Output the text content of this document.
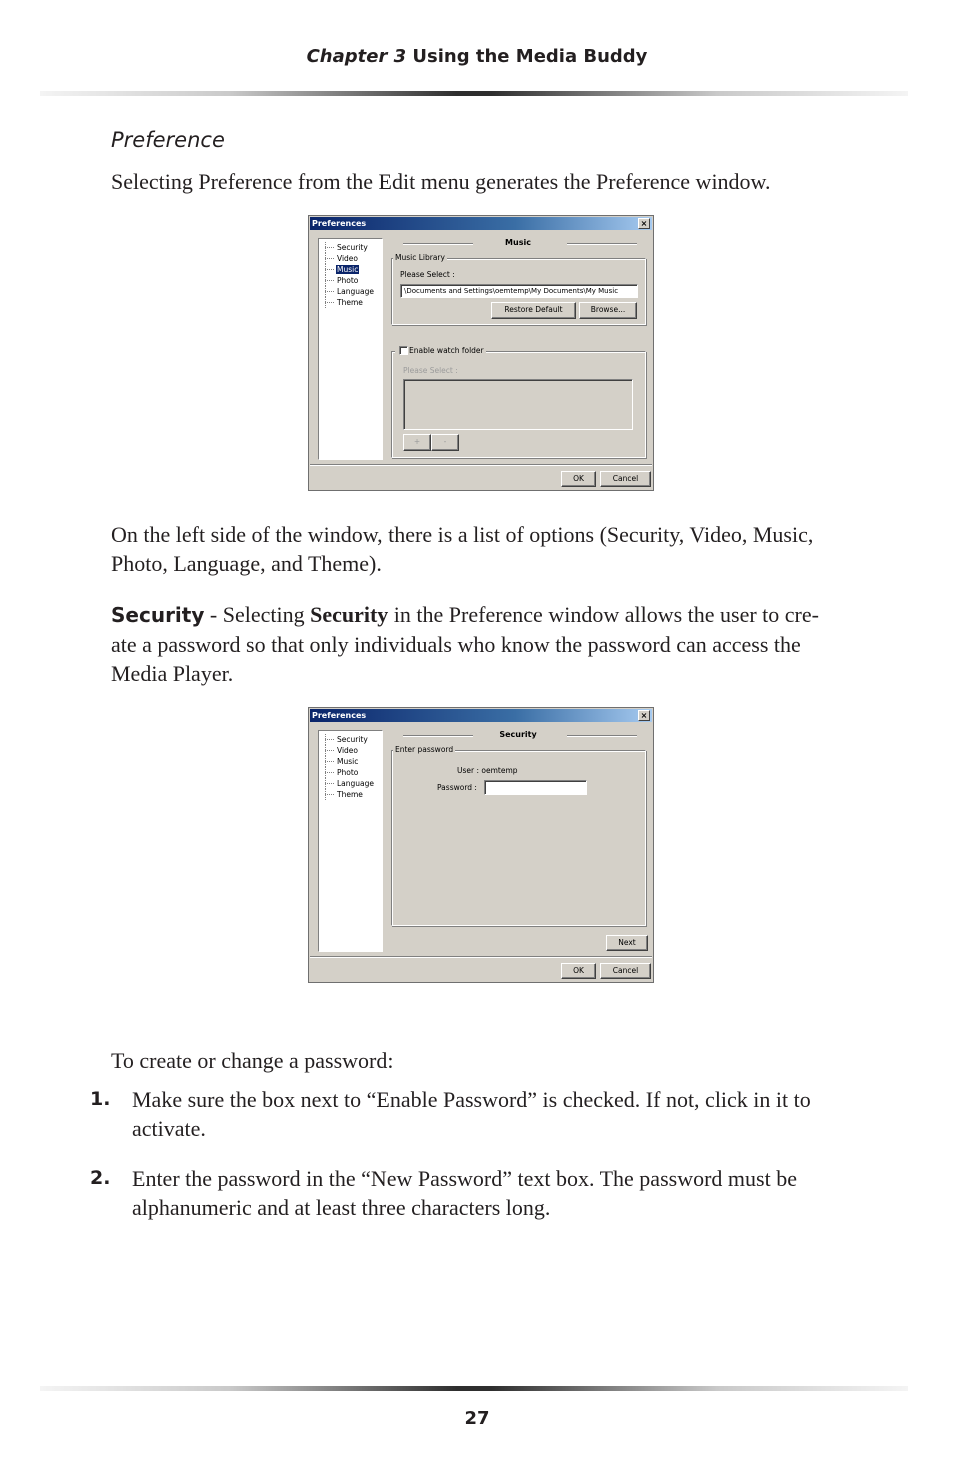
Chapter 3 Using the Media Buddy
Preference
Selecting Preference from the Edit menu generates the Preference window.
Preferences	×
Security
Video
Music
Photo
Language
Theme
Music
Music Library
Please Select :
\Documents and Settings\oemtemp\My Documents\My Music
Restore Default	Browse...
Enable watch folder
Please Select :
+	-
OK	Cancel
On the left side of the window, there is a list of options (Security, Video, Music,
Photo, Language, and Theme).
Security - Selecting Security in the Preference window allows the user to cre-
ate a password so that only individuals who know the password can access the
Media Player.
Preferences	×
Security
Video
Music
Photo
Language
Theme
Security
Enter password
User : oemtemp
Password :
Next
OK	Cancel
To create or change a password:
1. Make sure the box next to “Enable Password” is checked. If not, click in it to
activate.
2. Enter the password in the “New Password” text box. The password must be
alphanumeric and at least three characters long.
27
